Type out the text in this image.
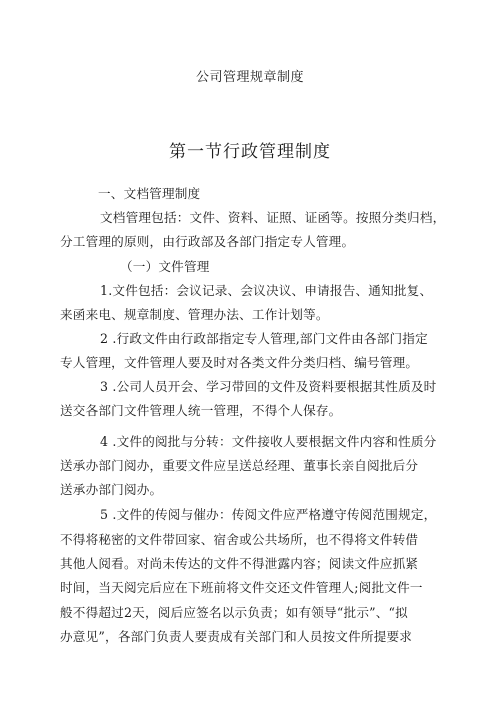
公司管理规章制度
第一节行政管理制度
一、文档管理制度
文档管理包括：文件、资料、证照、证函等。按照分类归档，
分工管理的原则，由行政部及各部门指定专人管理。
（一）文件管理
1.文件包括：会议记录、会议决议、申请报告、通知批复、
来函来电、规章制度、管理办法、工作计划等。
2 .行政文件由行政部指定专人管理,部门文件由各部门指定
专人管理，文件管理人要及时对各类文件分类归档、编号管理。
3 .公司人员开会、学习带回的文件及资料要根据其性质及时
送交各部门文件管理人统一管理，不得个人保存。
4 .文件的阅批与分转：文件接收人要根据文件内容和性质分
送承办部门阅办，重要文件应呈送总经理、董事长亲自阅批后分
送承办部门阅办。
5 .文件的传阅与催办：传阅文件应严格遵守传阅范围规定，
不得将秘密的文件带回家、宿舍或公共场所，也不得将文件转借
其他人阅看。对尚未传达的文件不得泄露内容；阅读文件应抓紧
时间，当天阅完后应在下班前将文件交还文件管理人;阅批文件一
般不得超过2天，阅后应签名以示负责；如有领导“批示”、“拟
办意见”，各部门负责人要责成有关部门和人员按文件所提要求
